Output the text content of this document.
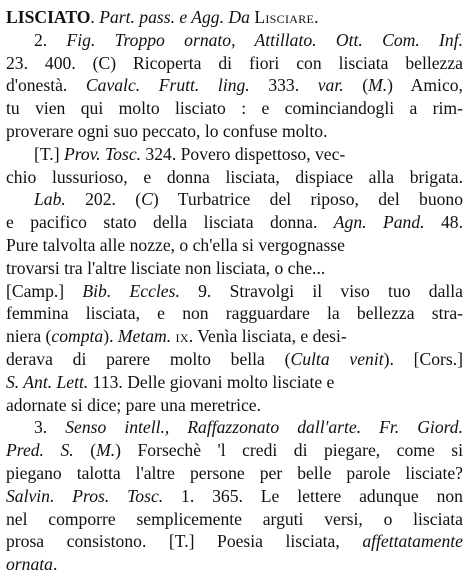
LISCIATO. Part. pass. e Agg. Da Lisciare.
2. Fig. Troppo ornato, Attillato. Ott. Com. Inf.
23. 400. (C) Ricoperta di fiori con lisciata bellezza
d'onestà. Cavalc. Frutt. ling. 333. var. (M.) Amico,
tu vien qui molto lisciato : e cominciandogli a rim-
proverare ogni suo peccato, lo confuse molto.
[T.] Prov. Tosc. 324. Povero dispettoso, vec-
chio lussurioso, e donna lisciata, dispiace alla brigata.
Lab. 202. (C) Turbatrice del riposo, del buono
e pacifico stato della lisciata donna. Agn. Pand. 48.
Pure talvolta alle nozze, o ch'ella si vergognasse
trovarsi tra l'altre lisciate non lisciata, o che...
[Camp.] Bib. Eccles. 9. Stravolgi il viso tuo dalla
femmina lisciata, e non ragguardare la bellezza stra-
niera (compta). Metam. ix. Venìa lisciata, e desi-
derava di parere molto bella (Culta venit). [Cors.]
S. Ant. Lett. 113. Delle giovani molto lisciate e
adornate si dice; pare una meretrice.
3. Senso intell., Raffazzonato dall'arte. Fr. Giord.
Pred. S. (M.) Forsechè 'l credi di piegare, come si
piegano talotta l'altre persone per belle parole lisciate?
Salvin. Pros. Tosc. 1. 365. Le lettere adunque non
nel comporre semplicemente arguti versi, o lisciata
prosa consistono. [T.] Poesia lisciata, affettatamente
ornata.
